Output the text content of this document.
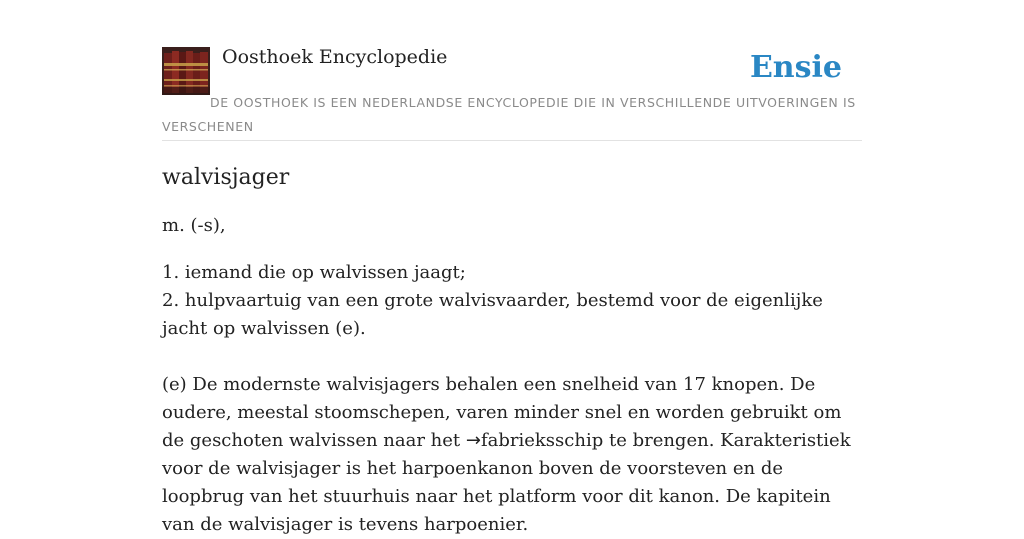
Oosthoek Encyclopedie	Ensie
DE OOSTHOEK IS EEN NEDERLANDSE ENCYCLOPEDIE DIE IN VERSCHILLENDE UITVOERINGEN IS VERSCHENEN
walvisjager

m. (-s),

1. iemand die op walvissen jaagt;

2. hulpvaartuig van een grote walvisvaarder, bestemd voor de eigenlijke jacht op walvissen (e).

(e) De modernste walvisjagers behalen een snelheid van 17 knopen. De oudere, meestal stoomschepen, varen minder snel en worden gebruikt om de geschoten walvissen naar het →fabrieksschip te brengen. Karakteristiek voor de walvisjager is het harpoenkanon boven de voorsteven en de loopbrug van het stuurhuis naar het platform voor dit kanon. De kapitein van de walvisjager is tevens harpoenier.
